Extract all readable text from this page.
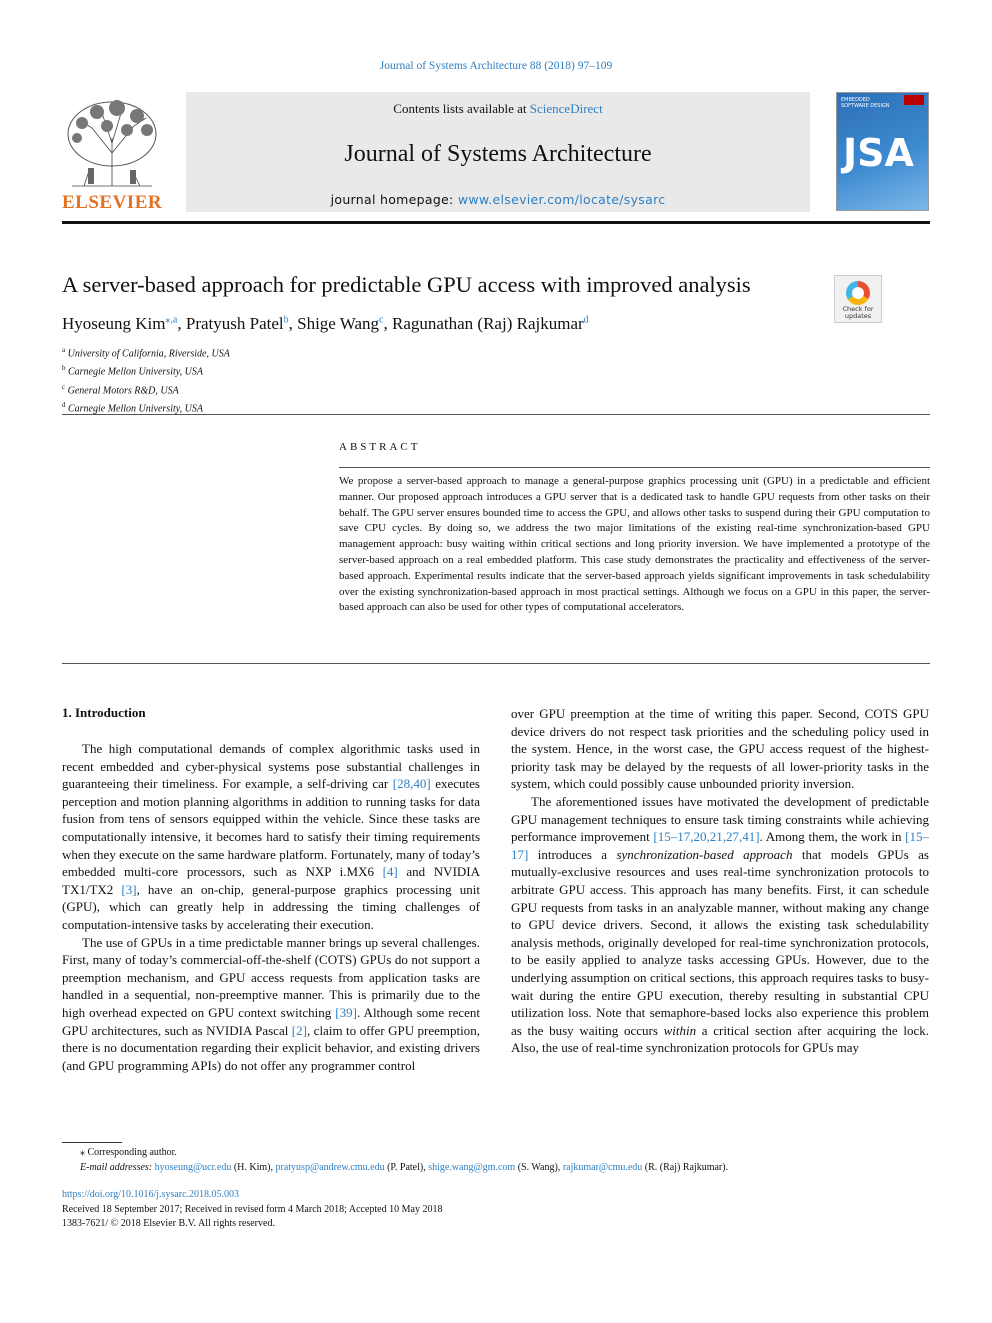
Journal of Systems Architecture 88 (2018) 97–109
ELSEVIER
Contents lists available at ScienceDirect
Journal of Systems Architecture
journal homepage: www.elsevier.com/locate/sysarc
EMBEDDED SOFTWARE DESIGN
JSA
A server-based approach for predictable GPU access with improved analysis
Check for
updates
Hyoseung Kim$^{⁎,a}$, Pratyush Patel$^b$, Shige Wang$^c$, Ragunathan (Raj) Rajkumar$^d$
$^a$ University of California, Riverside, USA
$^b$ Carnegie Mellon University, USA
$^c$ General Motors R&D, USA
$^d$ Carnegie Mellon University, USA
ABSTRACT
We propose a server-based approach to manage a general-purpose graphics processing unit (GPU) in a predictable and efficient manner. Our proposed approach introduces a GPU server that is a dedicated task to handle GPU requests from other tasks on their behalf. The GPU server ensures bounded time to access the GPU, and allows other tasks to suspend during their GPU computation to save CPU cycles. By doing so, we address the two major limitations of the existing real-time synchronization-based GPU management approach: busy waiting within critical sections and long priority inversion. We have implemented a prototype of the server-based approach on a real embedded platform. This case study demonstrates the practicality and effectiveness of the server-based approach. Experimental results indicate that the server-based approach yields significant improvements in task schedulability over the existing synchronization-based approach in most practical settings. Although we focus on a GPU in this paper, the server-based approach can also be used for other types of computational accelerators.
1. Introduction

The high computational demands of complex algorithmic tasks used in recent embedded and cyber-physical systems pose substantial challenges in guaranteeing their timeliness. For example, a self-driving car [28,40] executes perception and motion planning algorithms in addition to running tasks for data fusion from tens of sensors equipped within the vehicle. Since these tasks are computationally intensive, it becomes hard to satisfy their timing requirements when they execute on the same hardware platform. Fortunately, many of today’s embedded multi-core processors, such as NXP i.MX6 [4] and NVIDIA TX1/TX2 [3], have an on-chip, general-purpose graphics processing unit (GPU), which can greatly help in addressing the timing challenges of computation-intensive tasks by accelerating their execution.

The use of GPUs in a time predictable manner brings up several challenges. First, many of today’s commercial-off-the-shelf (COTS) GPUs do not support a preemption mechanism, and GPU access requests from application tasks are handled in a sequential, non-preemptive manner. This is primarily due to the high overhead expected on GPU context switching [39]. Although some recent GPU architectures, such as NVIDIA Pascal [2], claim to offer GPU preemption, there is no documentation regarding their explicit behavior, and existing drivers (and GPU programming APIs) do not offer any programmer control

over GPU preemption at the time of writing this paper. Second, COTS GPU device drivers do not respect task priorities and the scheduling policy used in the system. Hence, in the worst case, the GPU access request of the highest-priority task may be delayed by the requests of all lower-priority tasks in the system, which could possibly cause unbounded priority inversion.

The aforementioned issues have motivated the development of predictable GPU management techniques to ensure task timing constraints while achieving performance improvement [15–17,20,21,27,41]. Among them, the work in [15–17] introduces a synchronization-based approach that models GPUs as mutually-exclusive resources and uses real-time synchronization protocols to arbitrate GPU access. This approach has many benefits. First, it can schedule GPU requests from tasks in an analyzable manner, without making any change to GPU device drivers. Second, it allows the existing task schedulability analysis methods, originally developed for real-time synchronization protocols, to be easily applied to analyze tasks accessing GPUs. However, due to the underlying assumption on critical sections, this approach requires tasks to busy-wait during the entire GPU execution, thereby resulting in substantial CPU utilization loss. Note that semaphore-based locks also experience this problem as the busy waiting occurs within a critical section after acquiring the lock. Also, the use of real-time synchronization protocols for GPUs may

⁎ Corresponding author.
E-mail addresses: hyoseung@ucr.edu (H. Kim), pratyusp@andrew.cmu.edu (P. Patel), shige.wang@gm.com (S. Wang), rajkumar@cmu.edu (R. (Raj) Rajkumar).
https://doi.org/10.1016/j.sysarc.2018.05.003
Received 18 September 2017; Received in revised form 4 March 2018; Accepted 10 May 2018
1383-7621/ © 2018 Elsevier B.V. All rights reserved.
